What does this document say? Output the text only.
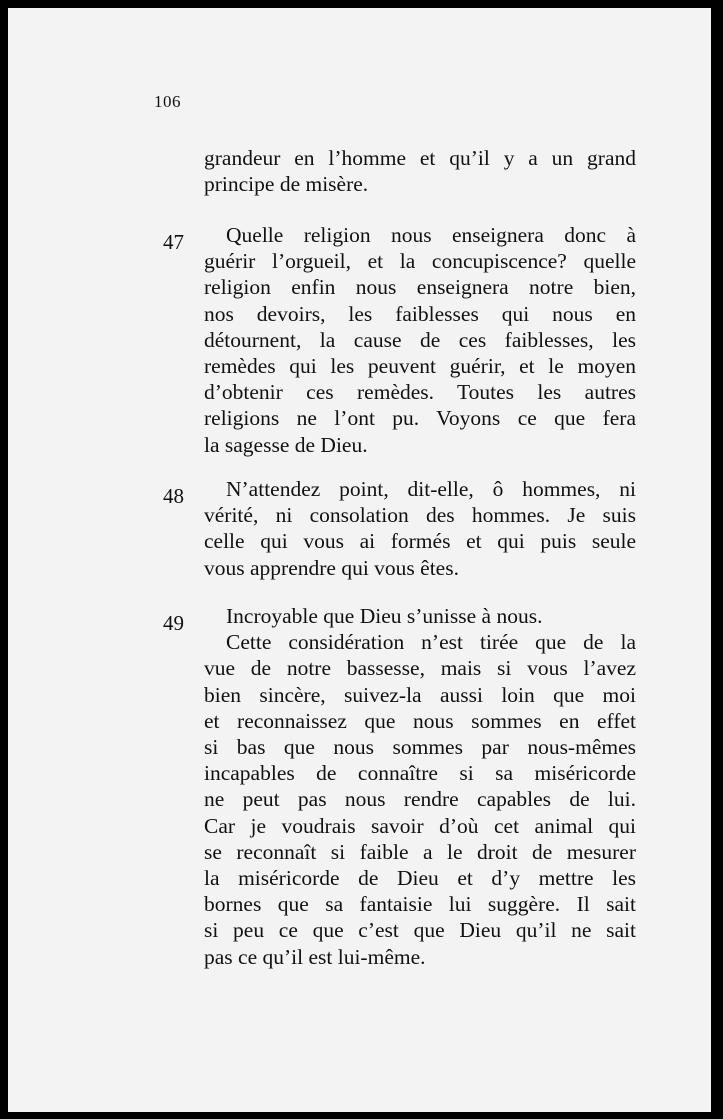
106
grandeur en l’homme et qu’il y a un grand
principe de misère.
47	Quelle religion nous enseignera donc à
guérir l’orgueil, et la concupiscence? quelle
religion enfin nous enseignera notre bien,
nos devoirs, les faiblesses qui nous en
détournent, la cause de ces faiblesses, les
remèdes qui les peuvent guérir, et le moyen
d’obtenir ces remèdes. Toutes les autres
religions ne l’ont pu. Voyons ce que fera
la sagesse de Dieu.
48	N’attendez point, dit-elle, ô hommes, ni
vérité, ni consolation des hommes. Je suis
celle qui vous ai formés et qui puis seule
vous apprendre qui vous êtes.
49	Incroyable que Dieu s’unisse à nous.
Cette considération n’est tirée que de la
vue de notre bassesse, mais si vous l’avez
bien sincère, suivez-la aussi loin que moi
et reconnaissez que nous sommes en effet
si bas que nous sommes par nous-mêmes
incapables de connaître si sa miséricorde
ne peut pas nous rendre capables de lui.
Car je voudrais savoir d’où cet animal qui
se reconnaît si faible a le droit de mesurer
la miséricorde de Dieu et d’y mettre les
bornes que sa fantaisie lui suggère. Il sait
si peu ce que c’est que Dieu qu’il ne sait
pas ce qu’il est lui-même.
